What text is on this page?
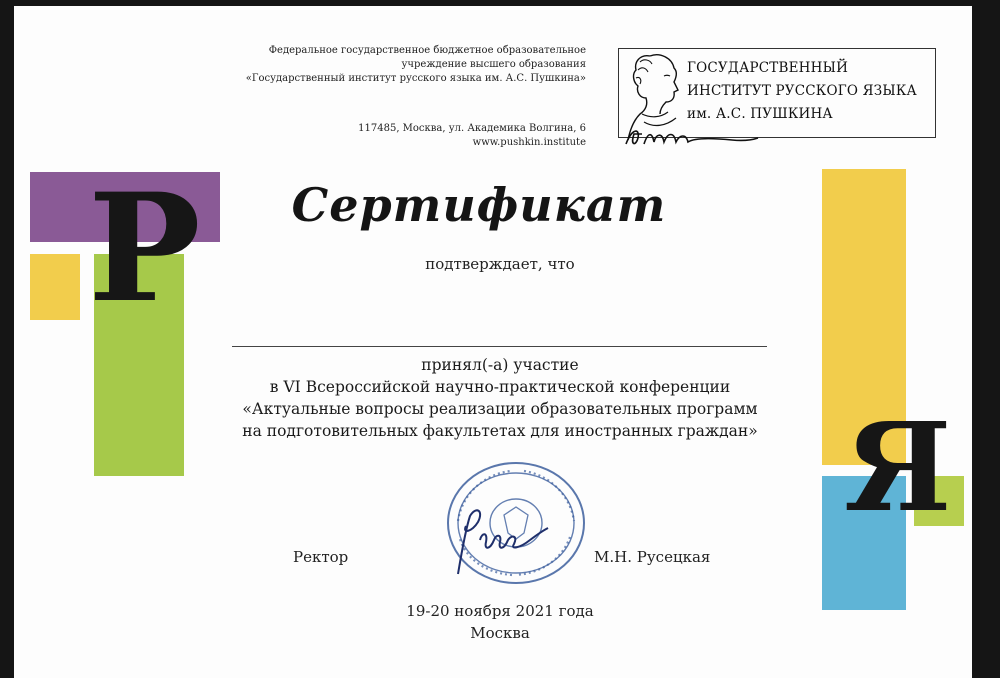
Р
Я
Федеральное государственное бюджетное образовательное
учреждение высшего образования
«Государственный институт русского языка им. А.С. Пушкина»
117485, Москва, ул. Академика Волгина, 6
www.pushkin.institute
ГОСУДАРСТВЕННЫЙ
ИНСТИТУТ РУССКОГО ЯЗЫКА
им. А.С. ПУШКИНА
Сертификат
подтверждает, что
принял(-а) участие
в VI Всероссийской научно-практической конференции
«Актуальные вопросы реализации образовательных программ
на подготовительных факультетах для иностранных граждан»
Ректор	М.Н. Русецкая
19-20 ноября 2021 года
Москва
